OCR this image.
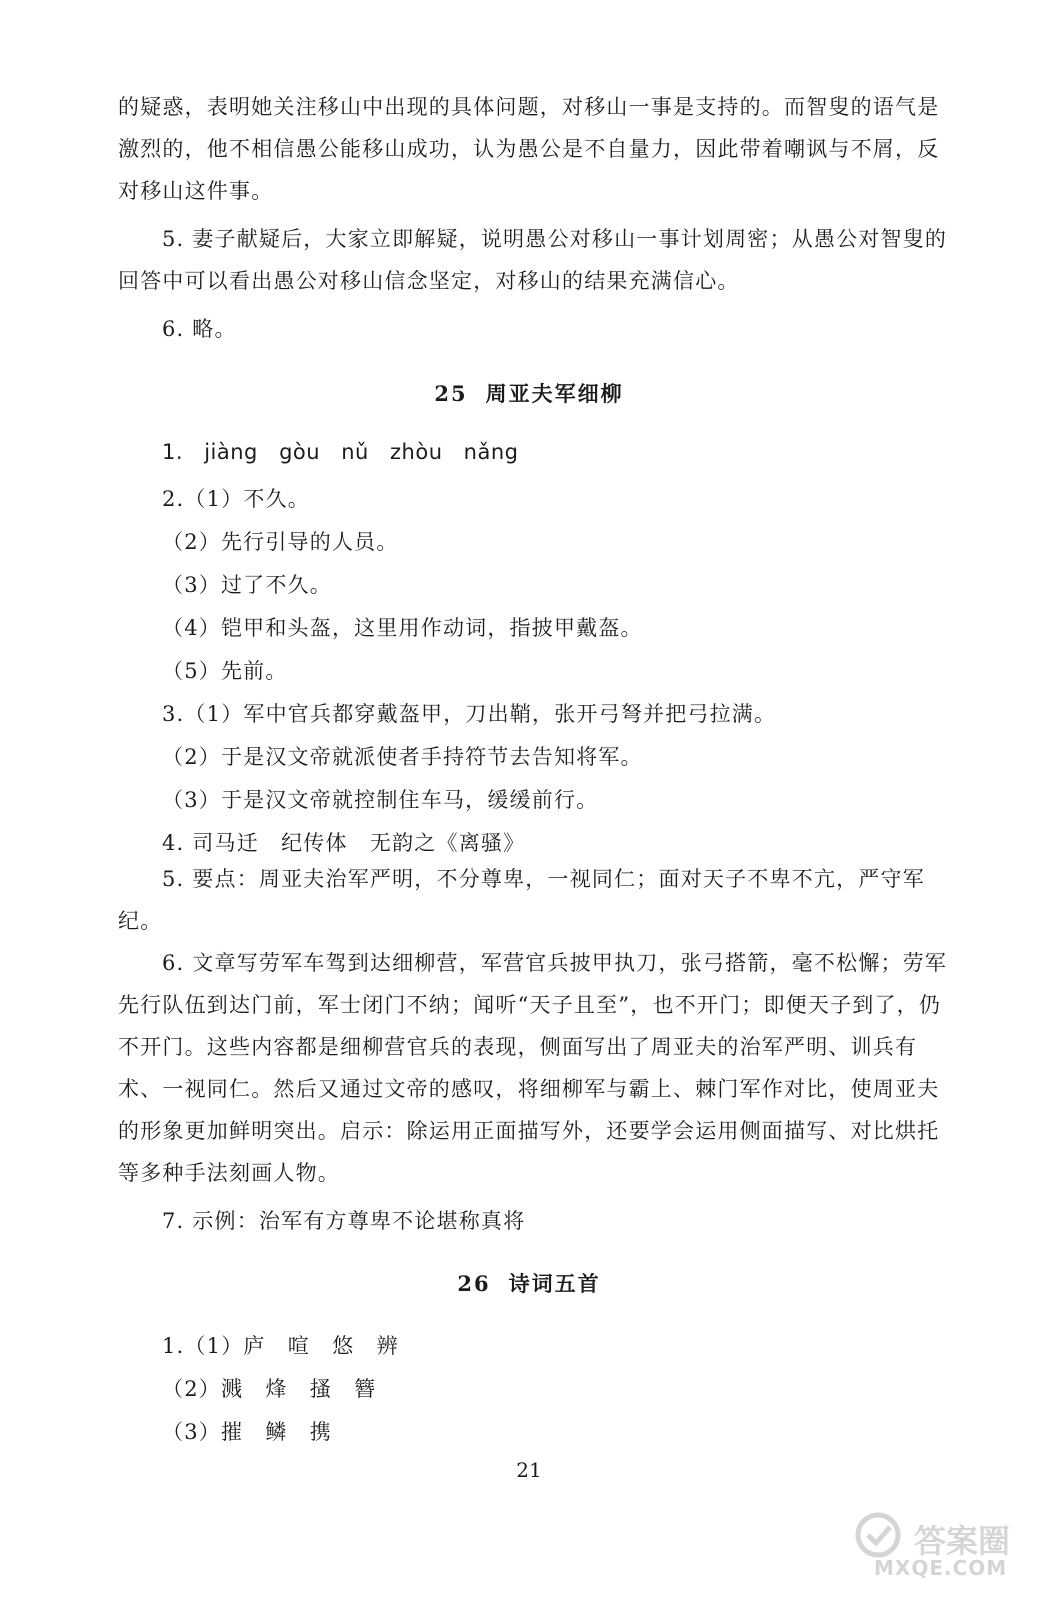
的疑惑，表明她关注移山中出现的具体问题，对移山一事是支持的。而智叟的语气是激烈的，他不相信愚公能移山成功，认为愚公是不自量力，因此带着嘲讽与不屑，反对移山这件事。

5. 妻子献疑后，大家立即解疑，说明愚公对移山一事计划周密；从愚公对智叟的回答中可以看出愚公对移山信念坚定，对移山的结果充满信心。

6. 略。

25 周亚夫军细柳

1. jiàng gòu nǔ zhòu nǎng

2.（1）不久。

（2）先行引导的人员。

（3）过了不久。

（4）铠甲和头盔，这里用作动词，指披甲戴盔。

（5）先前。

3.（1）军中官兵都穿戴盔甲，刀出鞘，张开弓弩并把弓拉满。

（2）于是汉文帝就派使者手持符节去告知将军。

（3）于是汉文帝就控制住车马，缓缓前行。

4. 司马迁　纪传体　无韵之《离骚》

5. 要点：周亚夫治军严明，不分尊卑，一视同仁；面对天子不卑不亢，严守军纪。

6. 文章写劳军车驾到达细柳营，军营官兵披甲执刀，张弓搭箭，毫不松懈；劳军先行队伍到达门前，军士闭门不纳；闻听“天子且至”，也不开门；即便天子到了，仍不开门。这些内容都是细柳营官兵的表现，侧面写出了周亚夫的治军严明、训兵有术、一视同仁。然后又通过文帝的感叹，将细柳军与霸上、棘门军作对比，使周亚夫的形象更加鲜明突出。启示：除运用正面描写外，还要学会运用侧面描写、对比烘托等多种手法刻画人物。

7. 示例：治军有方尊卑不论堪称真将

26 诗词五首

1.（1）庐　喧　悠　辨

（2）溅　烽　搔　簪

（3）摧　鳞　携

21
答案圈
MXQE.COM
